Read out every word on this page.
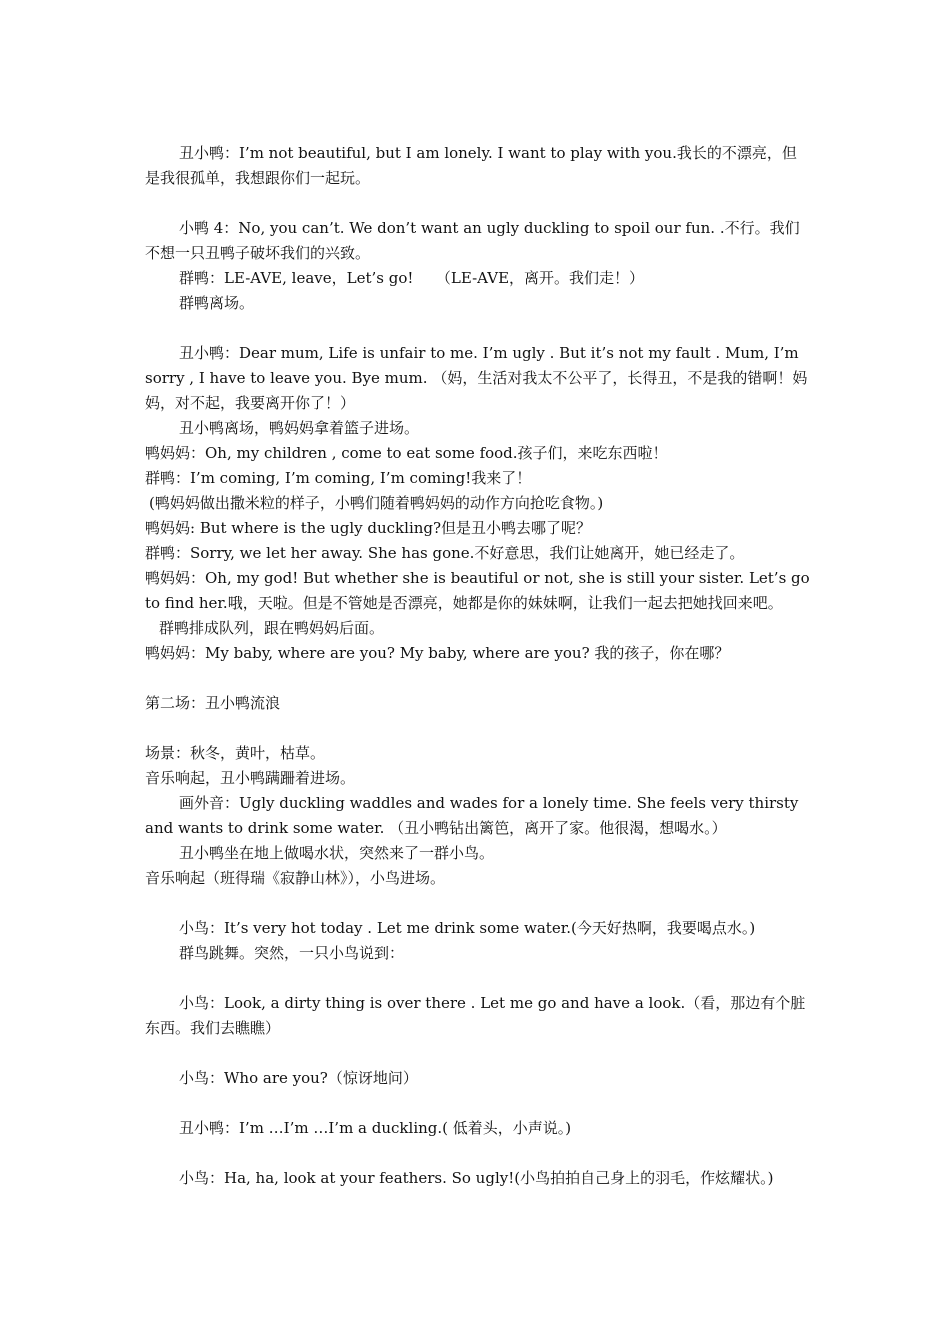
丑小鸭：I’m not beautiful, but I am lonely. I want to play with you.我长的不漂亮，但是我很孤单，我想跟你们一起玩。

小鸭 4：No, you can’t. We don’t want an ugly duckling to spoil our fun. .不行。我们不想一只丑鸭子破坏我们的兴致。

群鸭：LE-AVE, leave，Let’s go!　　（LE-AVE，离开。我们走！）

群鸭离场。

丑小鸭：Dear mum, Life is unfair to me. I’m ugly . But it’s not my fault . Mum, I’m sorry , I have to leave you. Bye mum. （妈，生活对我太不公平了，长得丑，不是我的错啊！妈妈，对不起，我要离开你了！）

丑小鸭离场，鸭妈妈拿着篮子进场。

鸭妈妈：Oh, my children , come to eat some food.孩子们，来吃东西啦！

群鸭：I’m coming, I’m coming, I’m coming!我来了！

(鸭妈妈做出撒米粒的样子，小鸭们随着鸭妈妈的动作方向抢吃食物。)

鸭妈妈: But where is the ugly duckling?但是丑小鸭去哪了呢？

群鸭：Sorry, we let her away. She has gone.不好意思，我们让她离开，她已经走了。

鸭妈妈：Oh, my god! But whether she is beautiful or not, she is still your sister. Let’s go to find her.哦，天啦。但是不管她是否漂亮，她都是你的妹妹啊，让我们一起去把她找回来吧。

群鸭排成队列，跟在鸭妈妈后面。

鸭妈妈：My baby, where are you? My baby, where are you? 我的孩子，你在哪？

第二场：丑小鸭流浪

场景：秋冬，黄叶，枯草。

音乐响起，丑小鸭蹒跚着进场。

画外音：Ugly duckling waddles and wades for a lonely time. She feels very thirsty and wants to drink some water. （丑小鸭钻出篱笆，离开了家。他很渴，想喝水。）

丑小鸭坐在地上做喝水状，突然来了一群小鸟。

音乐响起（班得瑞《寂静山林》），小鸟进场。

小鸟：It’s very hot today . Let me drink some water.(今天好热啊，我要喝点水。)

群鸟跳舞。突然，一只小鸟说到：

小鸟：Look, a dirty thing is over there . Let me go and have a look.（看，那边有个脏东西。我们去瞧瞧）

小鸟：Who are you?（惊讶地问）

丑小鸭：I’m …I’m …I’m a duckling.( 低着头，小声说。)

小鸟：Ha, ha, look at your feathers. So ugly!(小鸟拍拍自己身上的羽毛，作炫耀状。)
